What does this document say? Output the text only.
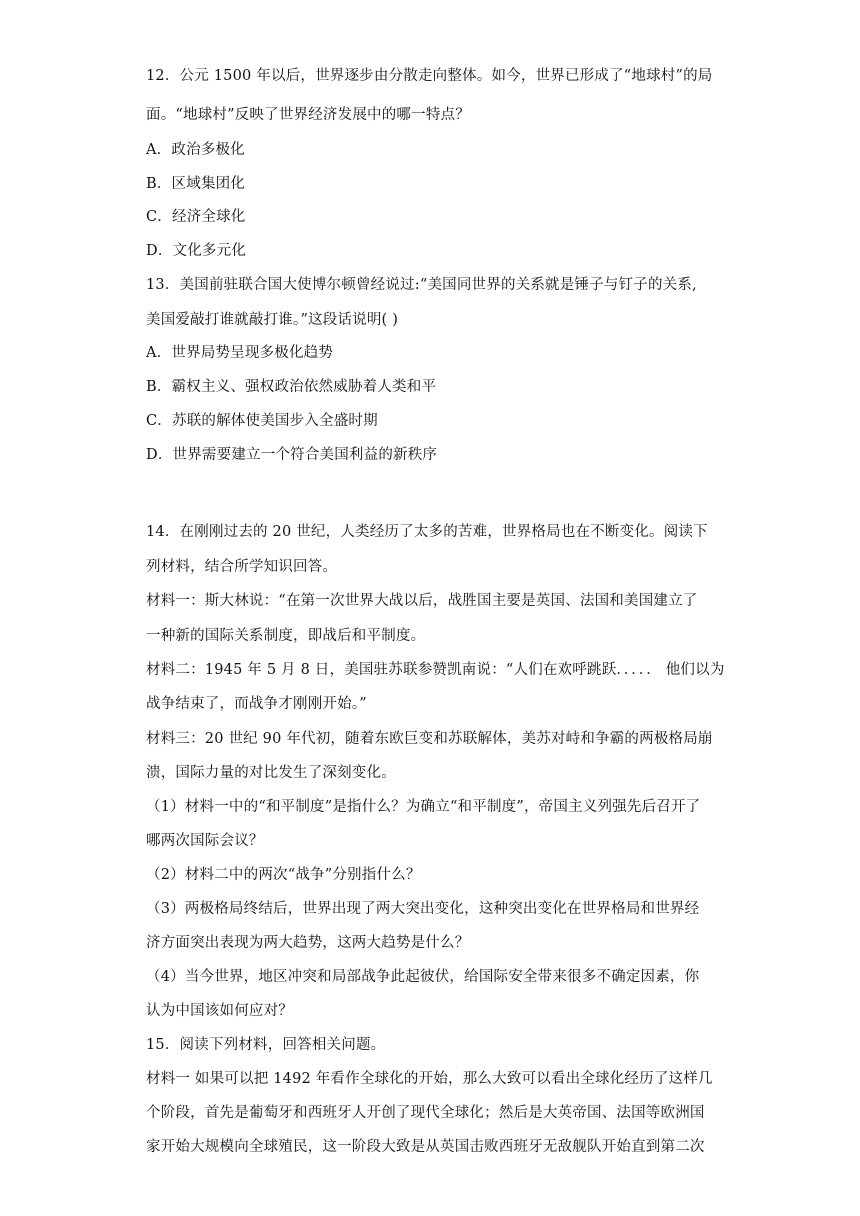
12．公元 1500 年以后，世界逐步由分散走向整体。如今，世界已形成了“地球村”的局
面。“地球村”反映了世界经济发展中的哪一特点？
A．政治多极化
B．区域集团化
C．经济全球化
D．文化多元化
13．美国前驻联合国大使博尔顿曾经说过:“美国同世界的关系就是锤子与钉子的关系,
美国爱敲打谁就敲打谁。”这段话说明( )
A．世界局势呈现多极化趋势
B．霸权主义、强权政治依然威胁着人类和平
C．苏联的解体使美国步入全盛时期
D．世界需要建立一个符合美国利益的新秩序
14．在刚刚过去的 20 世纪，人类经历了太多的苦难，世界格局也在不断变化。阅读下
列材料，结合所学知识回答。
材料一：斯大林说：“在第一次世界大战以后，战胜国主要是英国、法国和美国建立了
一种新的国际关系制度，即战后和平制度。
材料二：1945 年 5 月 8 日，美国驻苏联参赞凯南说：“人们在欢呼跳跃．．．．． 他们以为
战争结束了，而战争才刚刚开始。”
材料三：20 世纪 90 年代初，随着东欧巨变和苏联解体，美苏对峙和争霸的两极格局崩
溃，国际力量的对比发生了深刻变化。
（1）材料一中的“和平制度”是指什么？为确立“和平制度”，帝国主义列强先后召开了
哪两次国际会议？
（2）材料二中的两次“战争”分别指什么？
（3）两极格局终结后，世界出现了两大突出变化，这种突出变化在世界格局和世界经
济方面突出表现为两大趋势，这两大趋势是什么？
（4）当今世界，地区冲突和局部战争此起彼伏，给国际安全带来很多不确定因素，你
认为中国该如何应对？
15．阅读下列材料，回答相关问题。
材料一 如果可以把 1492 年看作全球化的开始，那么大致可以看出全球化经历了这样几
个阶段，首先是葡萄牙和西班牙人开创了现代全球化；然后是大英帝国、法国等欧洲国
家开始大规模向全球殖民，这一阶段大致是从英国击败西班牙无敌舰队开始直到第二次
